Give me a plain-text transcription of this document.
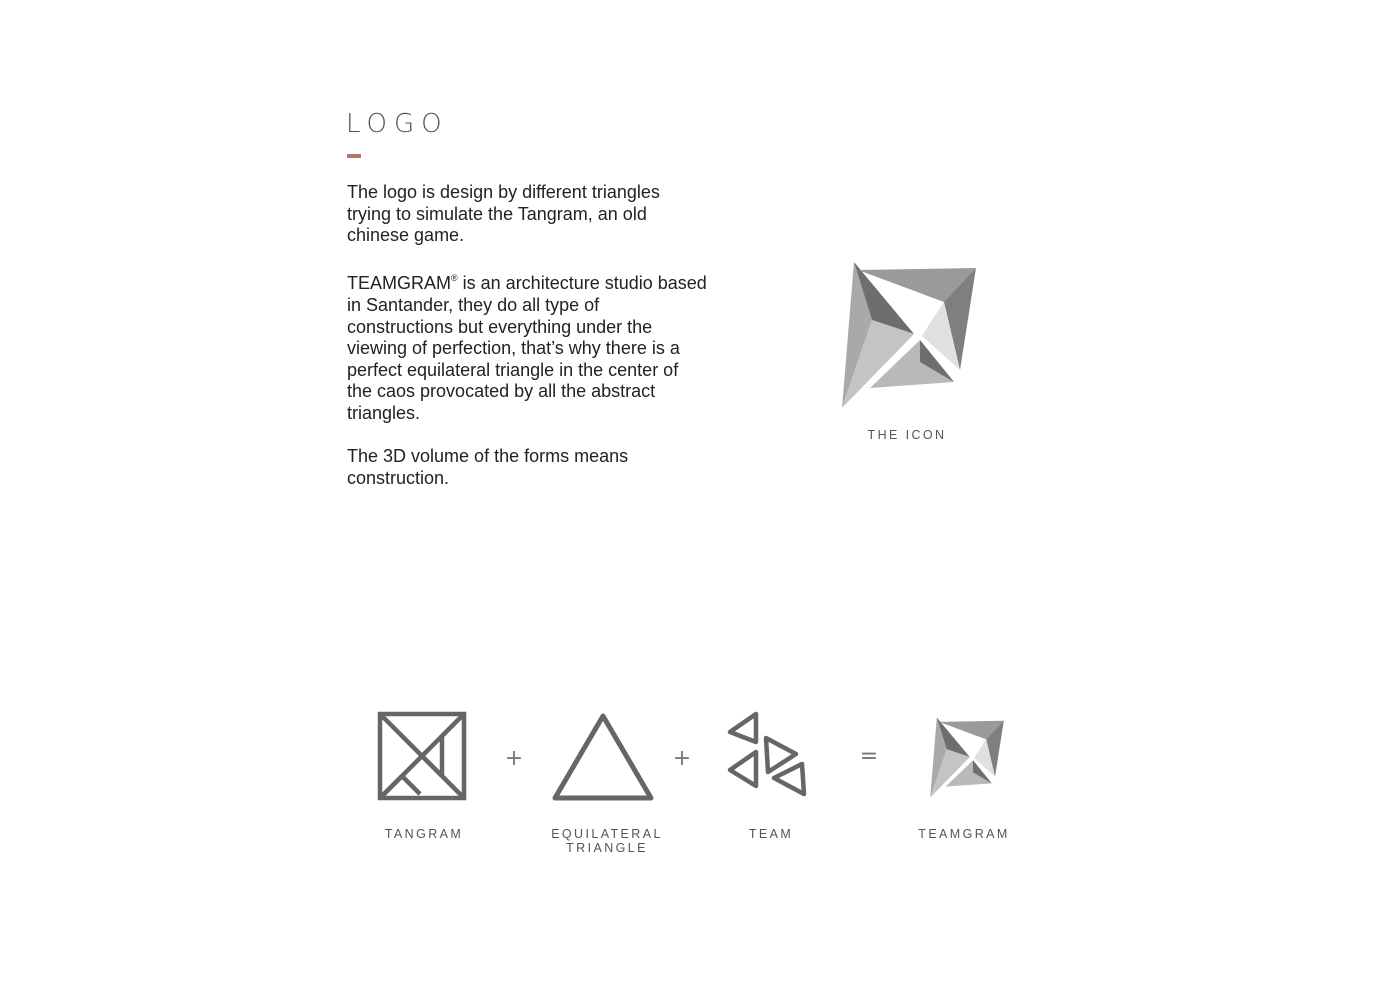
LOGO

The logo is design by different triangles trying to simulate the Tangram, an old chinese game.

TEAMGRAM® is an architecture studio based in Santander, they do all type of constructions but everything under the viewing of perfection, that’s why there is a perfect equilateral triangle in the center of the caos provocated by all the abstract triangles.

The 3D volume of the forms means construction.

THE ICON
TANGRAM
+
EQUILATERAL
TRIANGLE
+
TEAM
=
TEAMGRAM
